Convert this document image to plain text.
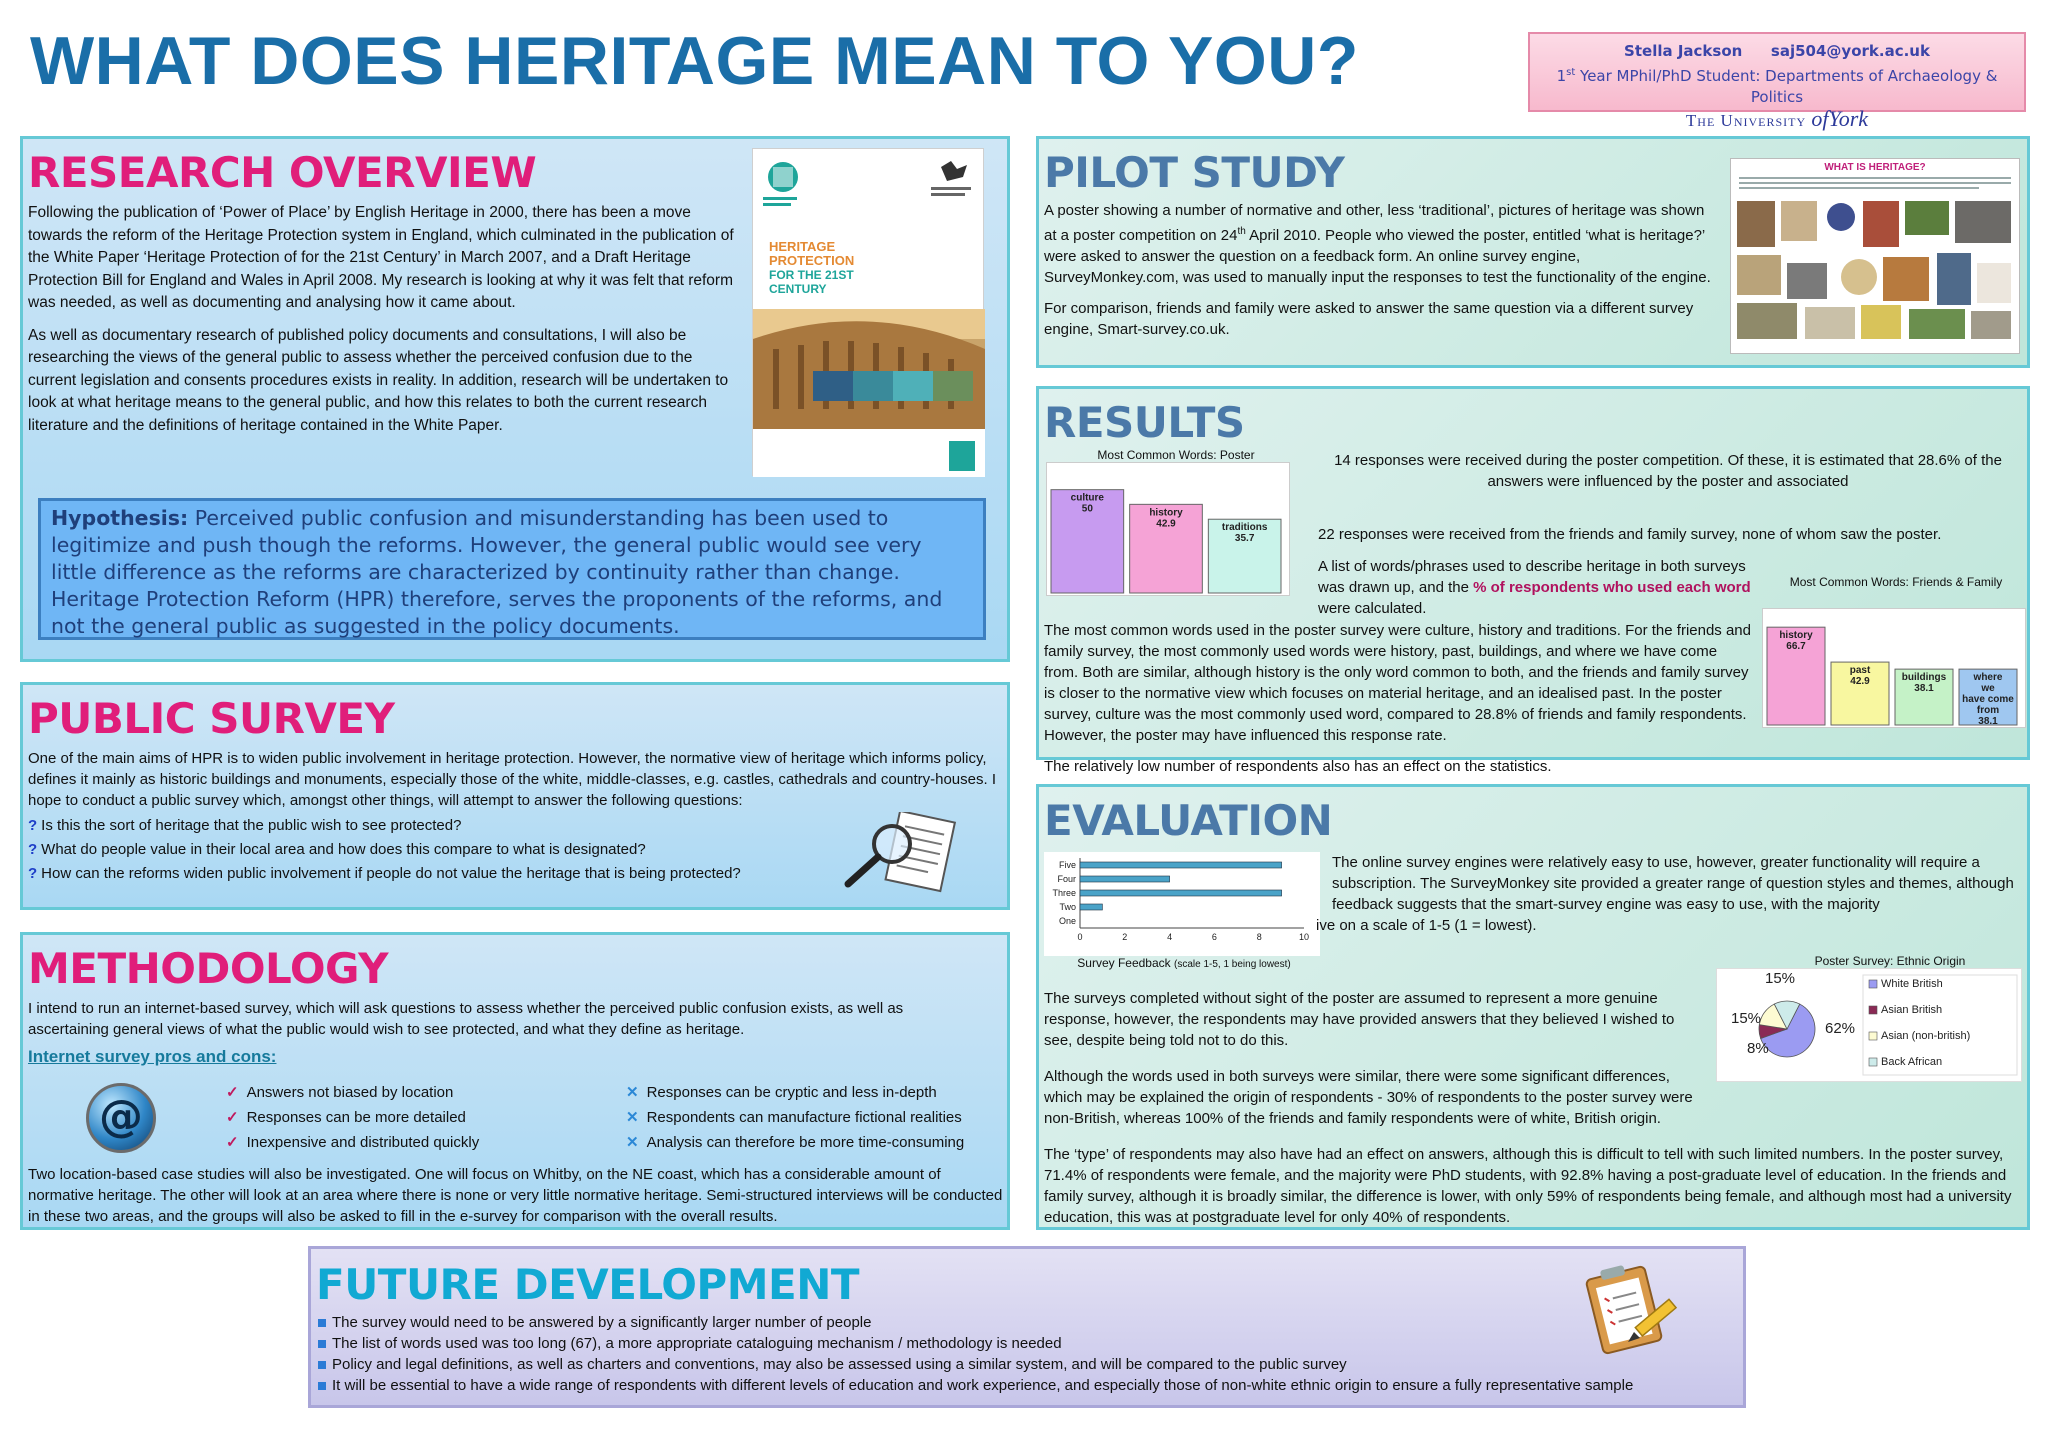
WHAT DOES HERITAGE MEAN TO YOU?	Stella Jackson saj504@york.ac.uk
1st Year MPhil/PhD Student: Departments of Archaeology & Politics
The University ofYork
RESEARCH OVERVIEW

Following the publication of ‘Power of Place’ by English Heritage in 2000, there has been a move towards the reform of the Heritage Protection system in England, which culminated in the publication of the White Paper ‘Heritage Protection of for the 21st Century’ in March 2007, and a Draft Heritage Protection Bill for England and Wales in April 2008. My research is looking at why it was felt that reform was needed, as well as documenting and analysing how it came about.

As well as documentary research of published policy documents and consultations, I will also be researching the views of the general public to assess whether the perceived confusion due to the current legislation and consents procedures exists in reality. In addition, research will be undertaken to look at what heritage means to the general public, and how this relates to both the current research literature and the definitions of heritage contained in the White Paper.

HERITAGE
PROTECTION
FOR THE 21ST
CENTURY
Hypothesis: Perceived public confusion and misunderstanding has been used to legitimize and push though the reforms. However, the general public would see very little difference as the reforms are characterized by continuity rather than change. Heritage Protection Reform (HPR) therefore, serves the proponents of the reforms, and not the general public as suggested in the policy documents.
PUBLIC SURVEY
One of the main aims of HPR is to widen public involvement in heritage protection. However, the normative view of heritage which informs policy, defines it mainly as historic buildings and monuments, especially those of the white, middle-classes, e.g. castles, cathedrals and country-houses. I hope to conduct a public survey which, amongst other things, will attempt to answer the following questions:
? Is this the sort of heritage that the public wish to see protected?
? What do people value in their local area and how does this compare to what is designated?
? How can the reforms widen public involvement if people do not value the heritage that is being protected?
METHODOLOGY
I intend to run an internet-based survey, which will ask questions to assess whether the perceived public confusion exists, as well as ascertaining general views of what the public would wish to see protected, and what they define as heritage.
Internet survey pros and cons:
@	✓ Answers not biased by location
✓ Responses can be more detailed
✓ Inexpensive and distributed quickly
✕ Responses can be cryptic and less in-depth
✕ Respondents can manufacture fictional realities
✕ Analysis can therefore be more time-consuming
Two location-based case studies will also be investigated. One will focus on Whitby, on the NE coast, which has a considerable amount of normative heritage. The other will look at an area where there is none or very little normative heritage. Semi-structured interviews will be conducted in these two areas, and the groups will also be asked to fill in the e-survey for comparison with the overall results.
PILOT STUDY

A poster showing a number of normative and other, less ‘traditional’, pictures of heritage was shown at a poster competition on 24th April 2010. People who viewed the poster, entitled ‘what is heritage?’ were asked to answer the question on a feedback form. An online survey engine, SurveyMonkey.com, was used to manually input the responses to test the functionality of the engine.

For comparison, friends and family were asked to answer the same question via a different survey engine, Smart-survey.co.uk.

WHAT IS HERITAGE?
RESULTS
Most Common Words: Poster
culture
50	history
42.9	traditions
35.7
14 responses were received during the poster competition. Of these, it is estimated that 28.6% of the answers were influenced by the poster and associated
22 responses were received from the friends and family survey, none of whom saw the poster.
A list of words/phrases used to describe heritage in both surveys was drawn up, and the % of respondents who used each word were calculated.
Most Common Words: Friends & Family
history
66.7
past
42.9	buildings
38.1
where
we
have come
from
38.1
The most common words used in the poster survey were culture, history and traditions. For the friends and family survey, the most commonly used words were history, past, buildings, and where we have come from. Both are similar, although history is the only word common to both, and the friends and family survey is closer to the normative view which focuses on material heritage, and an idealised past. In the poster survey, culture was the most commonly used word, compared to 28.8% of friends and family respondents. However, the poster may have influenced this response rate.
The relatively low number of respondents also has an effect on the statistics.
EVALUATION
Five
Four
Three
Two
One
0	2	4	6	8	10
Survey Feedback (scale 1-5, 1 being lowest)
The online survey engines were relatively easy to use, however, greater functionality will require a subscription. The SurveyMonkey site provided a greater range of question styles and themes, although feedback suggests that the smart-survey engine was easy to use, with the majority
ive on a scale of 1-5 (1 = lowest).
Poster Survey: Ethnic Origin
62%
8%
15%
15%	White British
Asian British
Asian (non-british)
Back African
The surveys completed without sight of the poster are assumed to represent a more genuine response, however, the respondents may have provided answers that they believed I wished to see, despite being told not to do this.
Although the words used in both surveys were similar, there were some significant differences, which may be explained the origin of respondents - 30% of respondents to the poster survey were non-British, whereas 100% of the friends and family respondents were of white, British origin.
The ‘type’ of respondents may also have had an effect on answers, although this is difficult to tell with such limited numbers. In the poster survey, 71.4% of respondents were female, and the majority were PhD students, with 92.8% having a post-graduate level of education. In the friends and family survey, although it is broadly similar, the difference is lower, with only 59% of respondents being female, and although most had a university education, this was at postgraduate level for only 40% of respondents.
FUTURE DEVELOPMENT
The survey would need to be answered by a significantly larger number of people
The list of words used was too long (67), a more appropriate cataloguing mechanism / methodology is needed
Policy and legal definitions, as well as charters and conventions, may also be assessed using a similar system, and will be compared to the public survey
It will be essential to have a wide range of respondents with different levels of education and work experience, and especially those of non-white ethnic origin to ensure a fully representative sample
